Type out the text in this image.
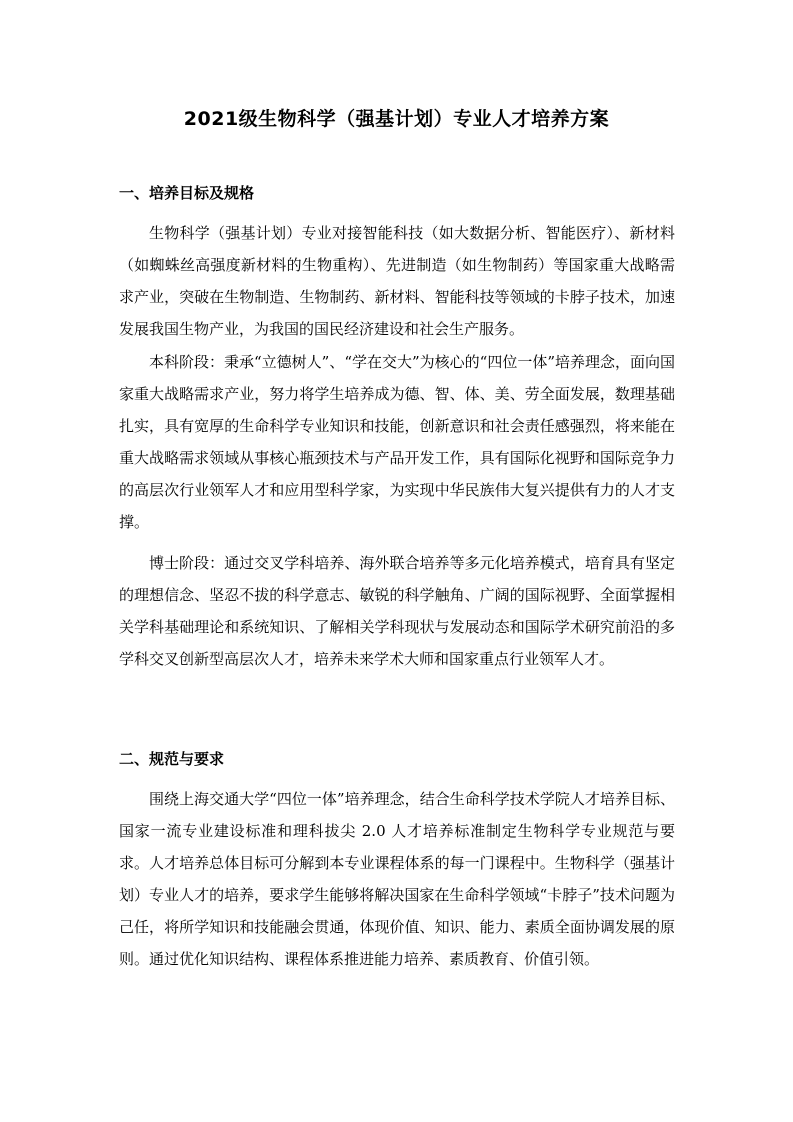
2021级生物科学（强基计划）专业人才培养方案
一、培养目标及规格

生物科学（强基计划）专业对接智能科技（如大数据分析、智能医疗）、新材料（如蜘蛛丝高强度新材料的生物重构）、先进制造（如生物制药）等国家重大战略需求产业，突破在生物制造、生物制药、新材料、智能科技等领域的卡脖子技术，加速发展我国生物产业，为我国的国民经济建设和社会生产服务。

本科阶段：秉承“立德树人”、“学在交大”为核心的“四位一体”培养理念，面向国家重大战略需求产业，努力将学生培养成为德、智、体、美、劳全面发展，数理基础扎实，具有宽厚的生命科学专业知识和技能，创新意识和社会责任感强烈，将来能在重大战略需求领域从事核心瓶颈技术与产品开发工作，具有国际化视野和国际竞争力的高层次行业领军人才和应用型科学家，为实现中华民族伟大复兴提供有力的人才支撑。

博士阶段：通过交叉学科培养、海外联合培养等多元化培养模式，培育具有坚定的理想信念、坚忍不拔的科学意志、敏锐的科学触角、广阔的国际视野、全面掌握相关学科基础理论和系统知识、了解相关学科现状与发展动态和国际学术研究前沿的多学科交叉创新型高层次人才，培养未来学术大师和国家重点行业领军人才。

二、规范与要求

围绕上海交通大学“四位一体”培养理念，结合生命科学技术学院人才培养目标、国家一流专业建设标准和理科拔尖 2.0 人才培养标准制定生物科学专业规范与要求。人才培养总体目标可分解到本专业课程体系的每一门课程中。生物科学（强基计划）专业人才的培养，要求学生能够将解决国家在生命科学领域“卡脖子”技术问题为己任，将所学知识和技能融会贯通，体现价值、知识、能力、素质全面协调发展的原则。通过优化知识结构、课程体系推进能力培养、素质教育、价值引领。
